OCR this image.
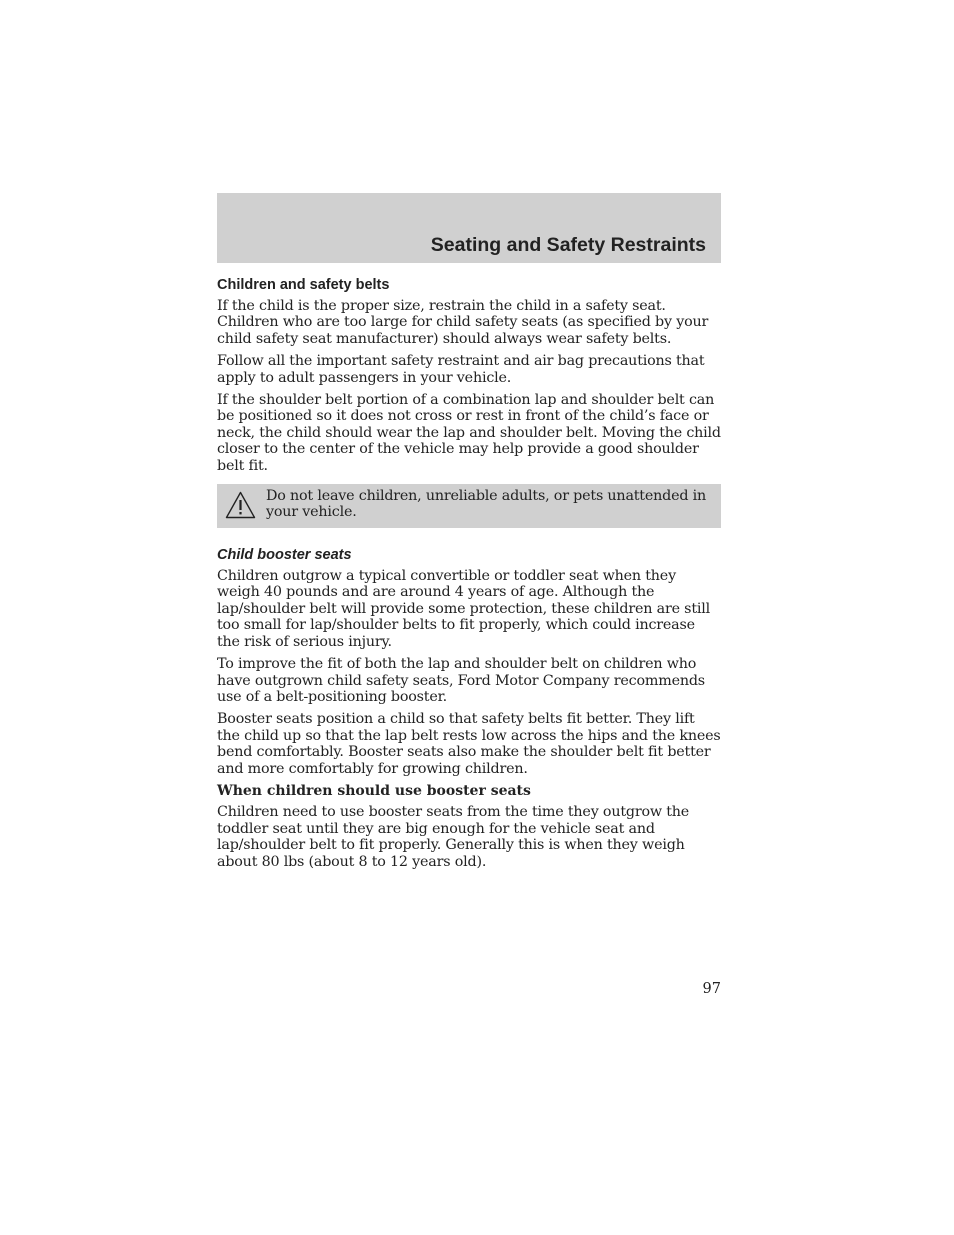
Seating and Safety Restraints
Children and safety belts

If the child is the proper size, restrain the child in a safety seat. Children who are too large for child safety seats (as specified by your child safety seat manufacturer) should always wear safety belts.

Follow all the important safety restraint and air bag precautions that apply to adult passengers in your vehicle.

If the shoulder belt portion of a combination lap and shoulder belt can be positioned so it does not cross or rest in front of the child’s face or neck, the child should wear the lap and shoulder belt. Moving the child closer to the center of the vehicle may help provide a good shoulder belt fit.

Do not leave children, unreliable adults, or pets unattended in your vehicle.

Child booster seats

Children outgrow a typical convertible or toddler seat when they weigh 40 pounds and are around 4 years of age. Although the lap/shoulder belt will provide some protection, these children are still too small for lap/shoulder belts to fit properly, which could increase the risk of serious injury.

To improve the fit of both the lap and shoulder belt on children who have outgrown child safety seats, Ford Motor Company recommends use of a belt-positioning booster.

Booster seats position a child so that safety belts fit better. They lift the child up so that the lap belt rests low across the hips and the knees bend comfortably. Booster seats also make the shoulder belt fit better and more comfortably for growing children.

When children should use booster seats

Children need to use booster seats from the time they outgrow the toddler seat until they are big enough for the vehicle seat and lap/shoulder belt to fit properly. Generally this is when they weigh about 80 lbs (about 8 to 12 years old).

97
